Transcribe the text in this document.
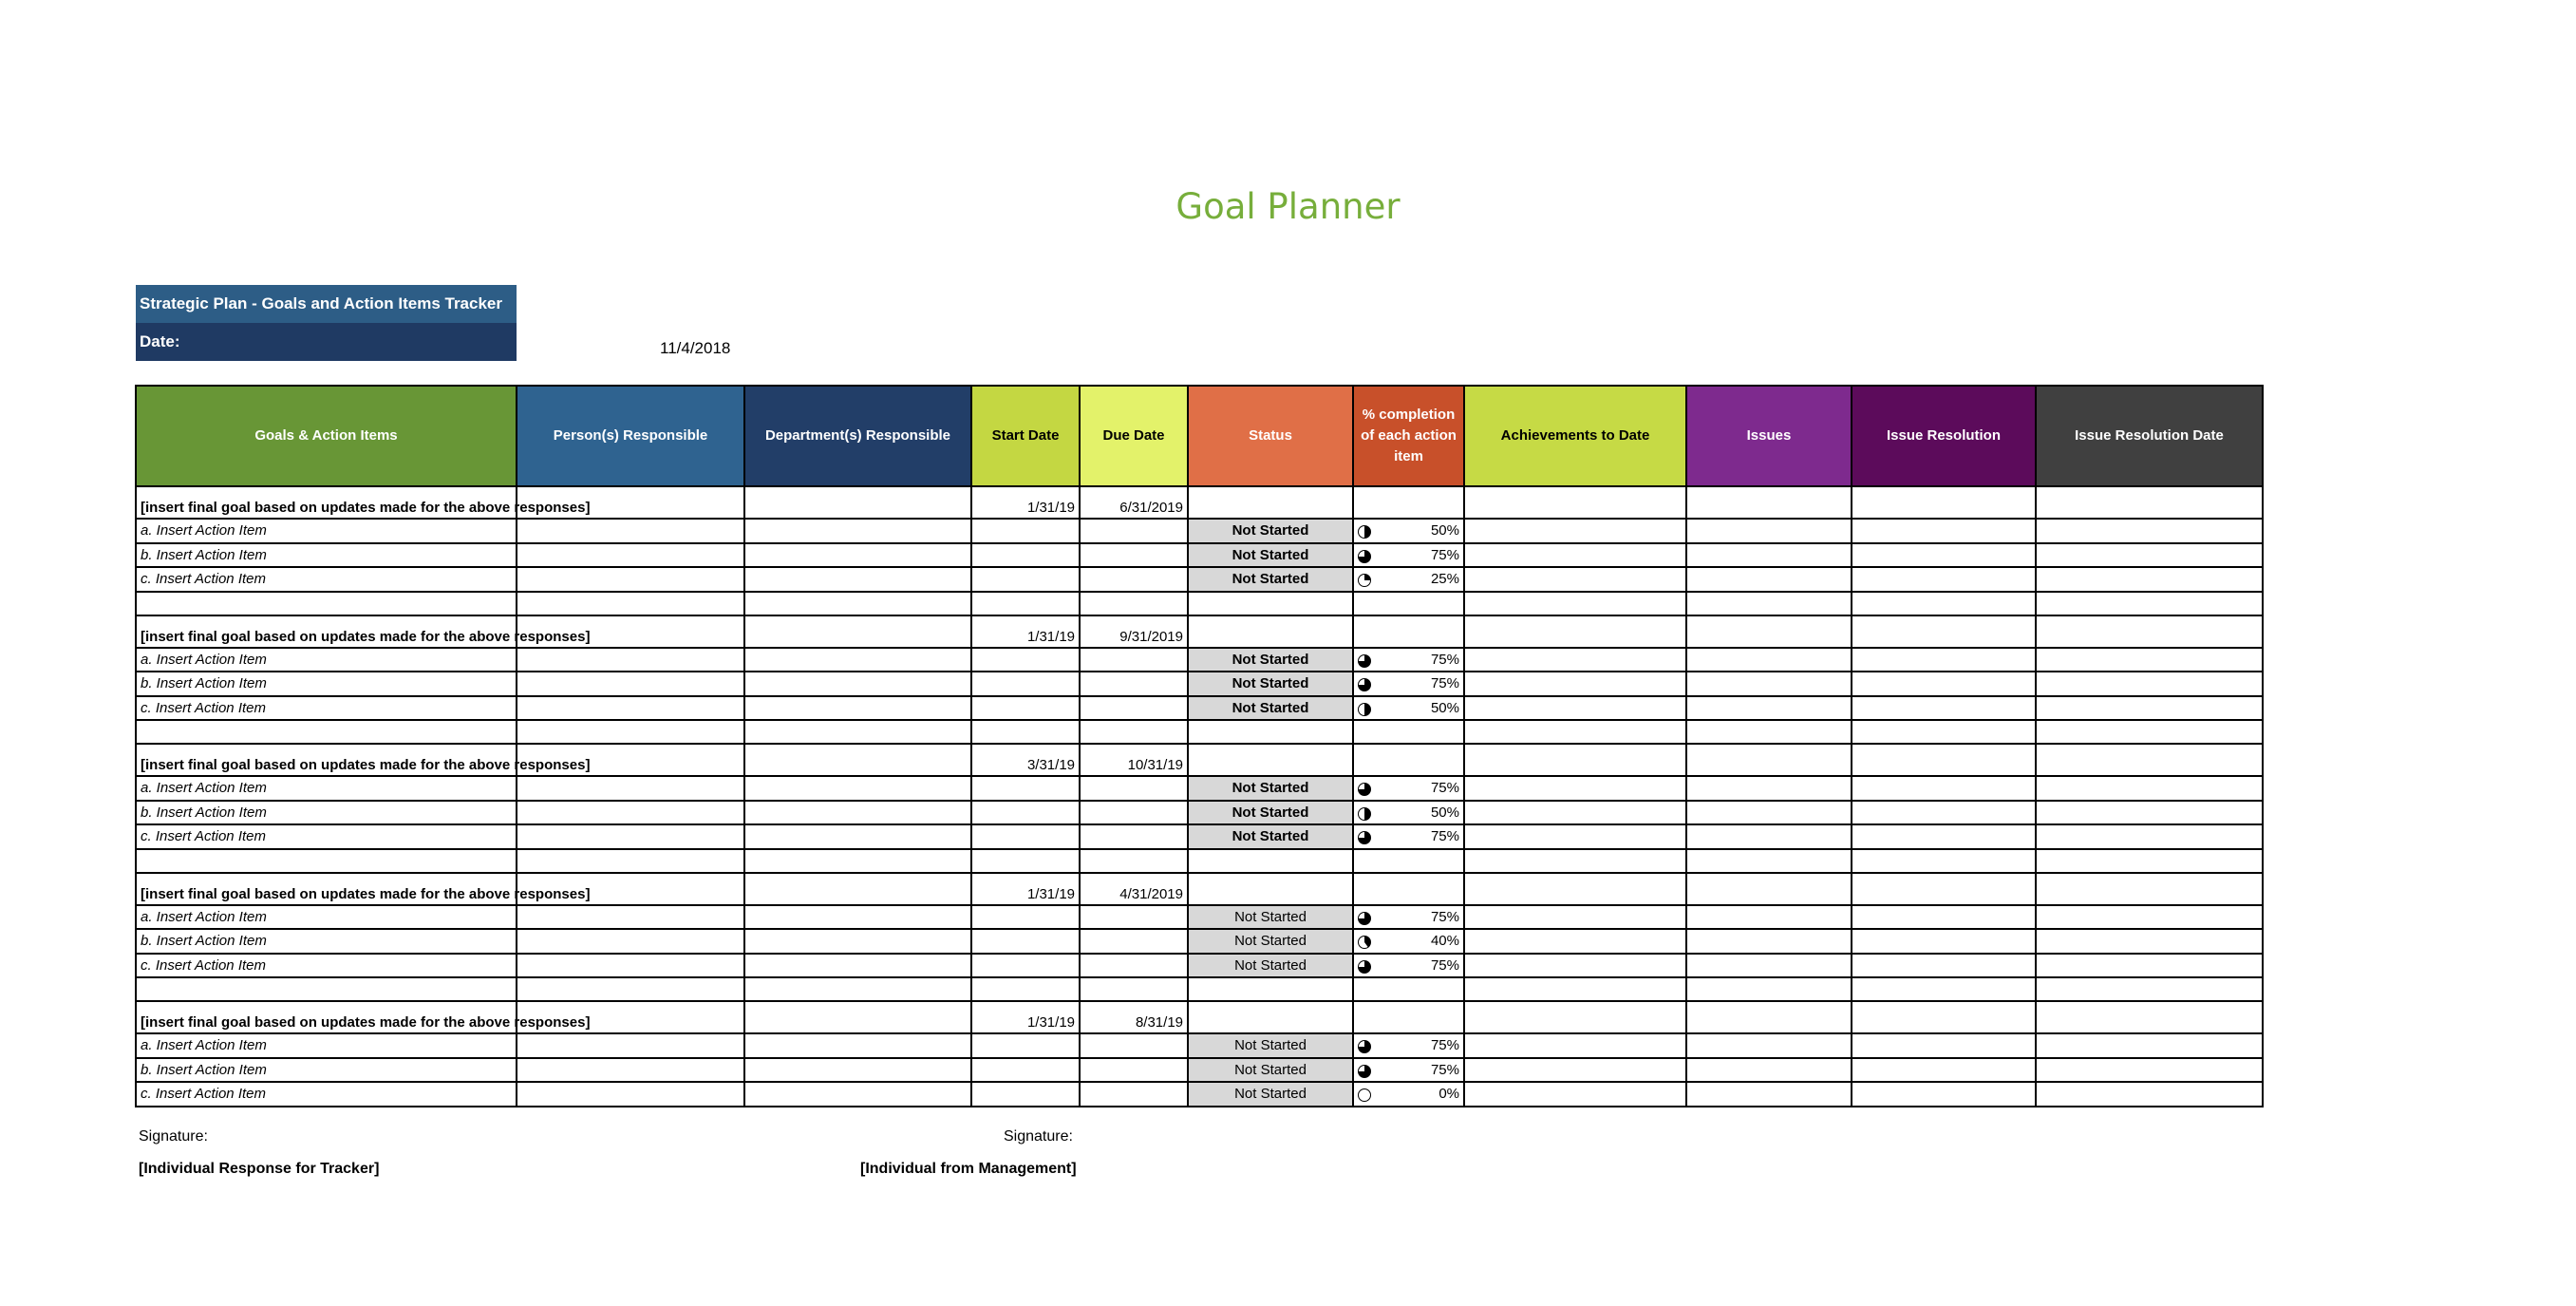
Goal Planner
Strategic Plan - Goals and Action Items Tracker
Date:	11/4/2018
Goals & Action Items	Person(s) Responsible	Department(s) Responsible	Start Date	Due Date	Status	% completion of each action item	Achievements to Date	Issues	Issue Resolution	Issue Resolution Date
[insert final goal based on updates made for the above responses]			1/31/19	6/31/2019						
a. Insert Action Item					Not Started	50%				
b. Insert Action Item					Not Started	75%				
c. Insert Action Item					Not Started	25%				

[insert final goal based on updates made for the above responses]			1/31/19	9/31/2019						
a. Insert Action Item					Not Started	75%				
b. Insert Action Item					Not Started	75%				
c. Insert Action Item					Not Started	50%				

[insert final goal based on updates made for the above responses]			3/31/19	10/31/19						
a. Insert Action Item					Not Started	75%				
b. Insert Action Item					Not Started	50%				
c. Insert Action Item					Not Started	75%				

[insert final goal based on updates made for the above responses]			1/31/19	4/31/2019						
a. Insert Action Item					Not Started	75%				
b. Insert Action Item					Not Started	40%				
c. Insert Action Item					Not Started	75%				

[insert final goal based on updates made for the above responses]			1/31/19	8/31/19						
a. Insert Action Item					Not Started	75%				
b. Insert Action Item					Not Started	75%				
c. Insert Action Item					Not Started	0%				
Signature:	Signature:
[Individual Response for Tracker]	[Individual from Management]
